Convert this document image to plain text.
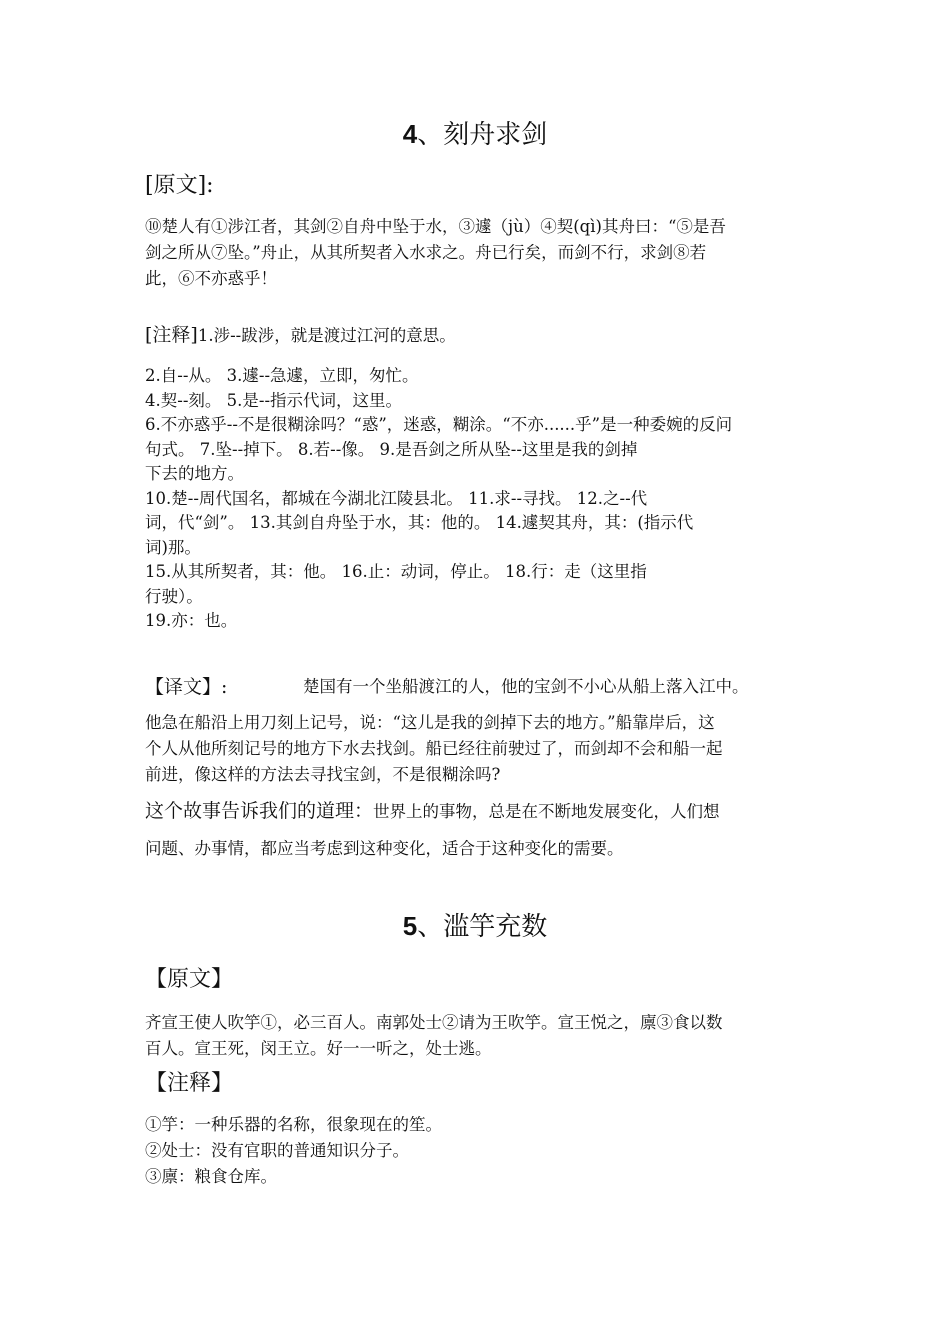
4、刻舟求剑
[原文]:
⑩楚人有①涉江者，其剑②自舟中坠于水，③遽（jù）④契(qì)其舟曰：“⑤是吾
剑之所从⑦坠。”舟止，从其所契者入水求之。舟已行矣，而剑不行，求剑⑧若
此，⑥不亦惑乎！
[注释]1.涉--跋涉，就是渡过江河的意思。
2.自--从。 3.遽--急遽，立即，匆忙。
4.契--刻。 5.是--指示代词，这里。
6.不亦惑乎--不是很糊涂吗？“惑”，迷惑，糊涂。“不亦......乎”是一种委婉的反问
句式。 7.坠--掉下。 8.若--像。 9.是吾剑之所从坠--这里是我的剑掉
下去的地方。
10.楚--周代国名，都城在今湖北江陵县北。 11.求--寻找。 12.之--代
词，代“剑”。 13.其剑自舟坠于水，其：他的。 14.遽契其舟，其：(指示代
词)那。
15.从其所契者，其：他。 16.止：动词，停止。 18.行：走（这里指
行驶）。
19.亦：也。
【译文】:	楚国有一个坐船渡江的人，他的宝剑不小心从船上落入江中。
他急在船沿上用刀刻上记号，说：“这儿是我的剑掉下去的地方。”船靠岸后，这
个人从他所刻记号的地方下水去找剑。船已经往前驶过了，而剑却不会和船一起
前进，像这样的方法去寻找宝剑，不是很糊涂吗?
这个故事告诉我们的道理：世界上的事物，总是在不断地发展变化，人们想
问题、办事情，都应当考虑到这种变化，适合于这种变化的需要。
5、滥竽充数
【原文】
齐宣王使人吹竽①，必三百人。南郭处士②请为王吹竽。宣王悦之，廪③食以数
百人。宣王死，闵王立。好一一听之，处士逃。
【注释】
①竽：一种乐器的名称，很象现在的笙。
②处士：没有官职的普通知识分子。
③廪：粮食仓库。
